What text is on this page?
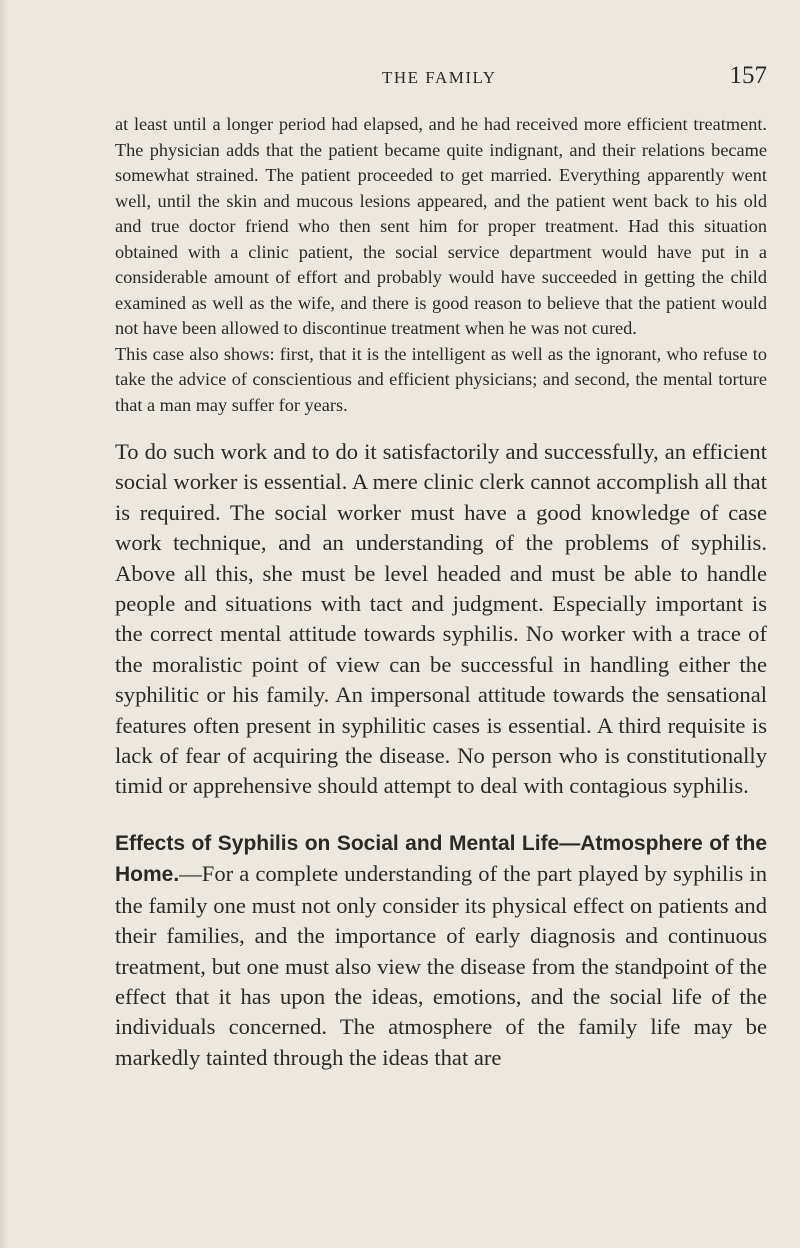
THE FAMILY	157

at least until a longer period had elapsed, and he had received more efficient treatment. The physician adds that the patient became quite indignant, and their relations became somewhat strained. The patient proceeded to get married. Everything apparently went well, until the skin and mucous lesions appeared, and the patient went back to his old and true doctor friend who then sent him for proper treatment. Had this situation obtained with a clinic patient, the social service department would have put in a considerable amount of effort and probably would have succeeded in getting the child examined as well as the wife, and there is good reason to believe that the patient would not have been allowed to discontinue treatment when he was not cured.

This case also shows: first, that it is the intelligent as well as the ignorant, who refuse to take the advice of conscientious and efficient physicians; and second, the mental torture that a man may suffer for years.

To do such work and to do it satisfactorily and successfully, an efficient social worker is essential. A mere clinic clerk cannot accomplish all that is required. The social worker must have a good knowledge of case work technique, and an understanding of the problems of syphilis. Above all this, she must be level headed and must be able to handle people and situations with tact and judgment. Especially important is the correct mental attitude towards syphilis. No worker with a trace of the moralistic point of view can be successful in handling either the syphilitic or his family. An impersonal attitude towards the sensational features often present in syphilitic cases is essential. A third requisite is lack of fear of acquiring the disease. No person who is constitutionally timid or apprehensive should attempt to deal with contagious syphilis.

Effects of Syphilis on Social and Mental Life—Atmosphere of the Home.—For a complete understanding of the part played by syphilis in the family one must not only consider its physical effect on patients and their families, and the importance of early diagnosis and continuous treatment, but one must also view the disease from the standpoint of the effect that it has upon the ideas, emotions, and the social life of the individuals concerned. The atmosphere of the family life may be markedly tainted through the ideas that are
